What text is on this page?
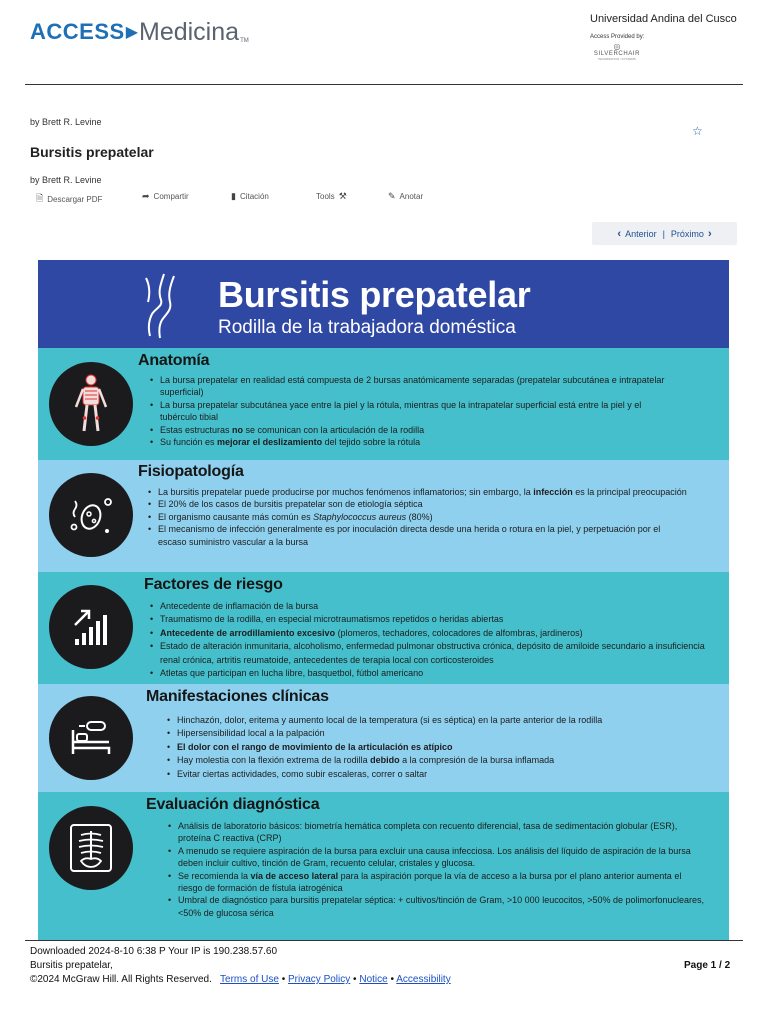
ACCESS ▶ Medicina TM
Universidad Andina del Cusco
Access Provided by:
◎
SILVERCHAIR
INFORMATION / SYSTEMS
by Brett R. Levine
☆
Bursitis prepatelar
by Brett R. Levine
🗎 Descargar PDF	➦ Compartir	▮ Citación	Tools ⚒	✎ Anotar
‹ Anterior | Próximo ›
Bursitis prepatelar
Rodilla de la trabajadora doméstica
Anatomía
• La bursa prepatelar en realidad está compuesta de 2 bursas anatómicamente separadas (prepatelar subcutánea e intrapatelar superficial)
• La bursa prepatelar subcutánea yace entre la piel y la rótula, mientras que la intrapatelar superficial está entre la piel y el tubérculo tibial
• Estas estructuras no se comunican con la articulación de la rodilla
• Su función es mejorar el deslizamiento del tejido sobre la rótula
Fisiopatología
• La bursitis prepatelar puede producirse por muchos fenómenos inflamatorios; sin embargo, la infección es la principal preocupación
• El 20% de los casos de bursitis prepatelar son de etiología séptica
• El organismo causante más común es Staphylococcus aureus (80%)
• El mecanismo de infección generalmente es por inoculación directa desde una herida o rotura en la piel, y perpetuación por el escaso suministro vascular a la bursa
Factores de riesgo
• Antecedente de inflamación de la bursa
• Traumatismo de la rodilla, en especial microtraumatismos repetidos o heridas abiertas
• Antecedente de arrodillamiento excesivo (plomeros, techadores, colocadores de alfombras, jardineros)
• Estado de alteración inmunitaria, alcoholismo, enfermedad pulmonar obstructiva crónica, depósito de amiloide secundario a insuficiencia renal crónica, artritis reumatoide, antecedentes de terapia local con corticosteroides
• Atletas que participan en lucha libre, basquetbol, fútbol americano
Manifestaciones clínicas
• Hinchazón, dolor, eritema y aumento local de la temperatura (si es séptica) en la parte anterior de la rodilla
• Hipersensibilidad local a la palpación
• El dolor con el rango de movimiento de la articulación es atípico
• Hay molestia con la flexión extrema de la rodilla debido a la compresión de la bursa inflamada
• Evitar ciertas actividades, como subir escaleras, correr o saltar
Evaluación diagnóstica
• Análisis de laboratorio básicos: biometría hemática completa con recuento diferencial, tasa de sedimentación globular (ESR), proteína C reactiva (CRP)
• A menudo se requiere aspiración de la bursa para excluir una causa infecciosa. Los análisis del líquido de aspiración de la bursa deben incluir cultivo, tinción de Gram, recuento celular, cristales y glucosa.
• Se recomienda la vía de acceso lateral para la aspiración porque la vía de acceso a la bursa por el plano anterior aumenta el riesgo de formación de fístula iatrogénica
• Umbral de diagnóstico para bursitis prepatelar séptica: + cultivos/tinción de Gram, >10 000 leucocitos, >50% de polimorfonucleares, <50% de glucosa sérica
Downloaded 2024-8-10 6:38 P Your IP is 190.238.57.60
Bursitis prepatelar,
©2024 McGraw Hill. All Rights Reserved. Terms of Use • Privacy Policy • Notice • Accessibility
Page 1 / 2
